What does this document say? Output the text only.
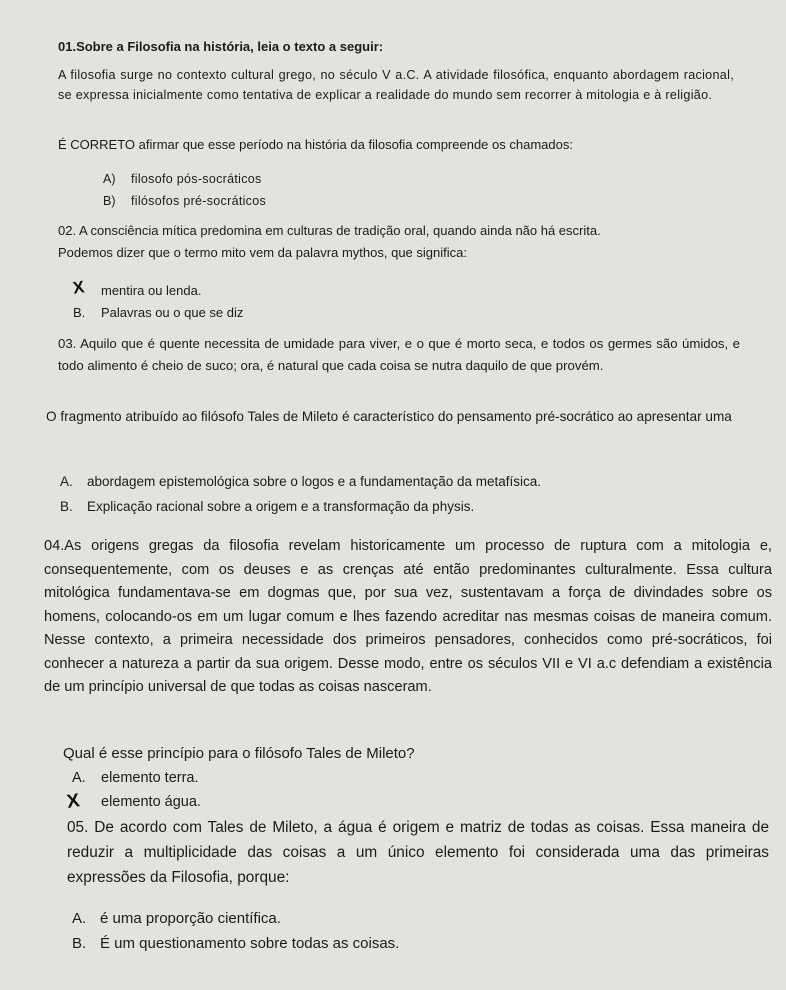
01.Sobre a Filosofia na história, leia o texto a seguir:
A filosofia surge no contexto cultural grego, no século V a.C. A atividade filosófica, enquanto abordagem racional, se expressa inicialmente como tentativa de explicar a realidade do mundo sem recorrer à mitologia e à religião.
É CORRETO afirmar que esse período na história da filosofia compreende os chamados:
A) filosofo pós-socráticos
B) filósofos pré-socráticos
02. A consciência mítica predomina em culturas de tradição oral, quando ainda não há escrita.
Podemos dizer que o termo mito vem da palavra mythos, que significa:
X mentira ou lenda.
B. Palavras ou o que se diz
03. Aquilo que é quente necessita de umidade para viver, e o que é morto seca, e todos os germes são úmidos, e todo alimento é cheio de suco; ora, é natural que cada coisa se nutra daquilo de que provém.
O fragmento atribuído ao filósofo Tales de Mileto é característico do pensamento pré-socrático ao apresentar uma
A. abordagem epistemológica sobre o logos e a fundamentação da metafísica.
B. Explicação racional sobre a origem e a transformação da physis.
04.As origens gregas da filosofia revelam historicamente um processo de ruptura com a mitologia e, consequentemente, com os deuses e as crenças até então predominantes culturalmente. Essa cultura mitológica fundamentava-se em dogmas que, por sua vez, sustentavam a força de divindades sobre os homens, colocando-os em um lugar comum e lhes fazendo acreditar nas mesmas coisas de maneira comum. Nesse contexto, a primeira necessidade dos primeiros pensadores, conhecidos como pré-socráticos, foi conhecer a natureza a partir da sua origem. Desse modo, entre os séculos VII e VI a.c defendiam a existência de um princípio universal de que todas as coisas nasceram.
Qual é esse princípio para o filósofo Tales de Mileto?
A. elemento terra.
X elemento água.
05. De acordo com Tales de Mileto, a água é origem e matriz de todas as coisas. Essa maneira de reduzir a multiplicidade das coisas a um único elemento foi considerada uma das primeiras expressões da Filosofia, porque:
A. é uma proporção científica.
B. É um questionamento sobre todas as coisas.
